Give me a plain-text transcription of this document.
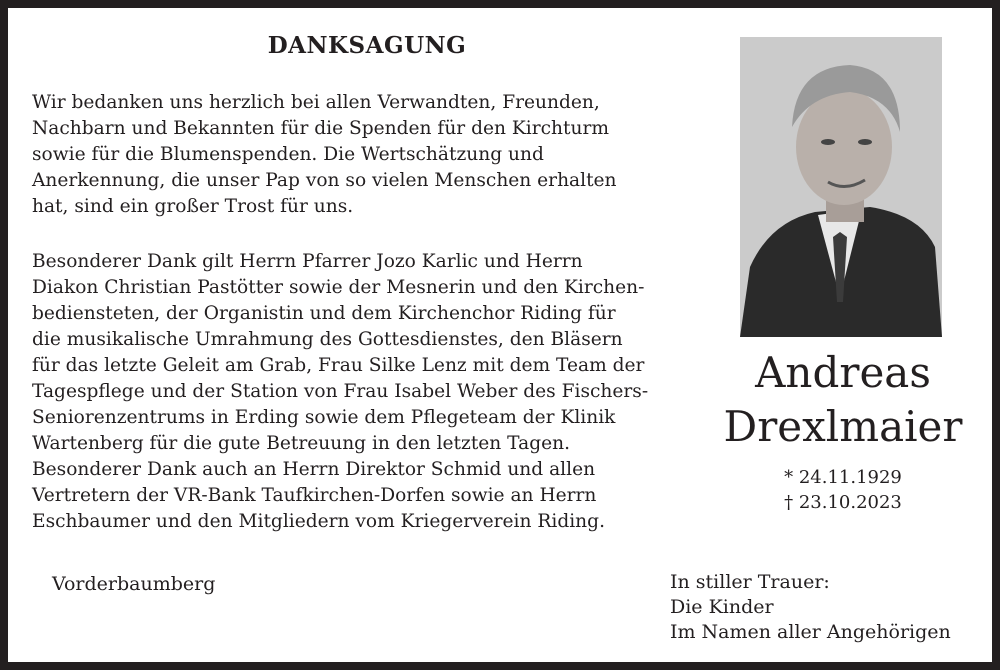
DANKSAGUNG
Wir bedanken uns herzlich bei allen Verwandten, Freunden,
Nachbarn und Bekannten für die Spenden für den Kirchturm
sowie für die Blumenspenden. Die Wertschätzung und
Anerkennung, die unser Pap von so vielen Menschen erhalten
hat, sind ein großer Trost für uns.
Besonderer Dank gilt Herrn Pfarrer Jozo Karlic und Herrn
Diakon Christian Pastötter sowie der Mesnerin und den Kirchen-
bediensteten, der Organistin und dem Kirchenchor Riding für
die musikalische Umrahmung des Gottesdienstes, den Bläsern
für das letzte Geleit am Grab, Frau Silke Lenz mit dem Team der
Tagespflege und der Station von Frau Isabel Weber des Fischers-
Seniorenzentrums in Erding sowie dem Pflegeteam der Klinik
Wartenberg für die gute Betreuung in den letzten Tagen.
Besonderer Dank auch an Herrn Direktor Schmid und allen
Vertretern der VR-Bank Taufkirchen-Dorfen sowie an Herrn
Eschbaumer und den Mitgliedern vom Kriegerverein Riding.
Andreas
Drexlmaier
* 24.11.1929
† 23.10.2023
Vorderbaumberg	In stiller Trauer:
Die Kinder
Im Namen aller Angehörigen
